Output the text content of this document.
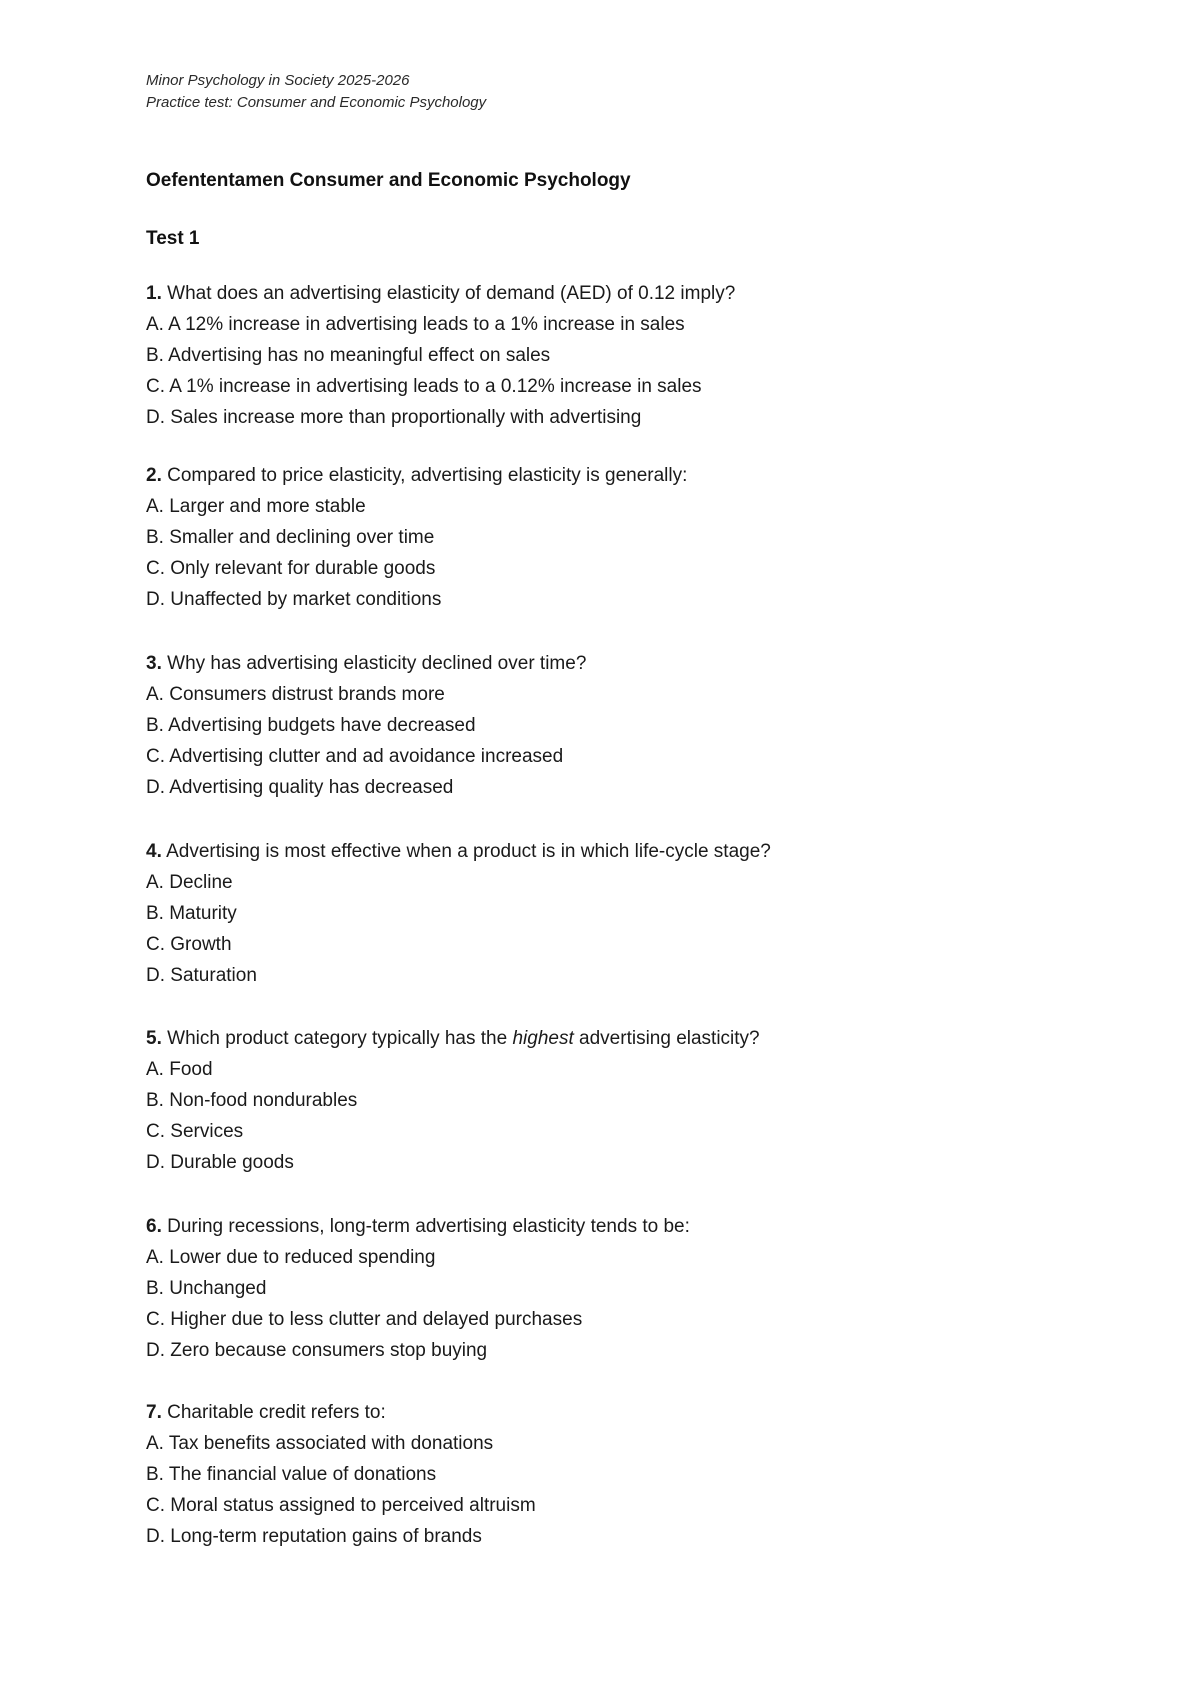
Minor Psychology in Society 2025-2026
Practice test: Consumer and Economic Psychology
Oefententamen Consumer and Economic Psychology
Test 1
1. What does an advertising elasticity of demand (AED) of 0.12 imply?
A. A 12% increase in advertising leads to a 1% increase in sales
B. Advertising has no meaningful effect on sales
C. A 1% increase in advertising leads to a 0.12% increase in sales
D. Sales increase more than proportionally with advertising
2. Compared to price elasticity, advertising elasticity is generally:
A. Larger and more stable
B. Smaller and declining over time
C. Only relevant for durable goods
D. Unaffected by market conditions
3. Why has advertising elasticity declined over time?
A. Consumers distrust brands more
B. Advertising budgets have decreased
C. Advertising clutter and ad avoidance increased
D. Advertising quality has decreased
4. Advertising is most effective when a product is in which life-cycle stage?
A. Decline
B. Maturity
C. Growth
D. Saturation
5. Which product category typically has the highest advertising elasticity?
A. Food
B. Non-food nondurables
C. Services
D. Durable goods
6. During recessions, long-term advertising elasticity tends to be:
A. Lower due to reduced spending
B. Unchanged
C. Higher due to less clutter and delayed purchases
D. Zero because consumers stop buying
7. Charitable credit refers to:
A. Tax benefits associated with donations
B. The financial value of donations
C. Moral status assigned to perceived altruism
D. Long-term reputation gains of brands
